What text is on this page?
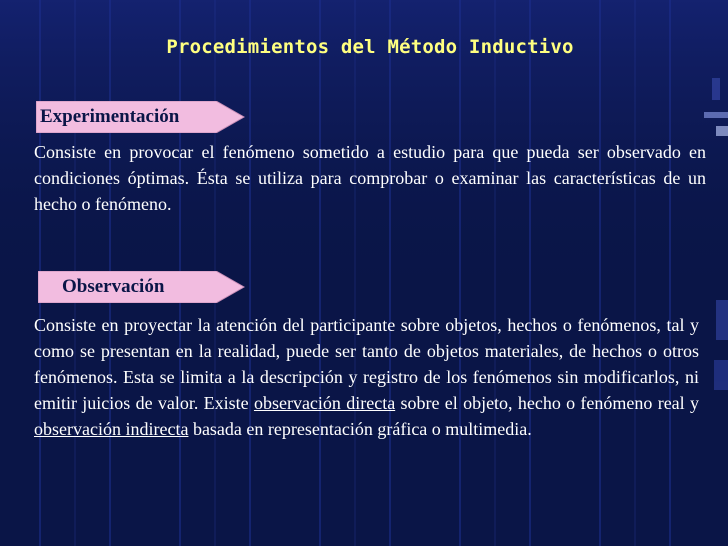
Procedimientos del Método Inductivo
Experimentación
Consiste en provocar el fenómeno sometido a estudio para que pueda ser observado en condiciones óptimas. Ésta se utiliza para comprobar o examinar las características de un hecho o fenómeno.
Observación
Consiste en proyectar la atención del participante sobre objetos, hechos o fenómenos, tal y como se presentan en la realidad, puede ser tanto de objetos materiales, de hechos o otros fenómenos. Esta se limita a la descripción y registro de los fenómenos sin modificarlos, ni emitir juicios de valor. Existe observación directa sobre el objeto, hecho o fenómeno real y observación indirecta basada en representación gráfica o multimedia.
